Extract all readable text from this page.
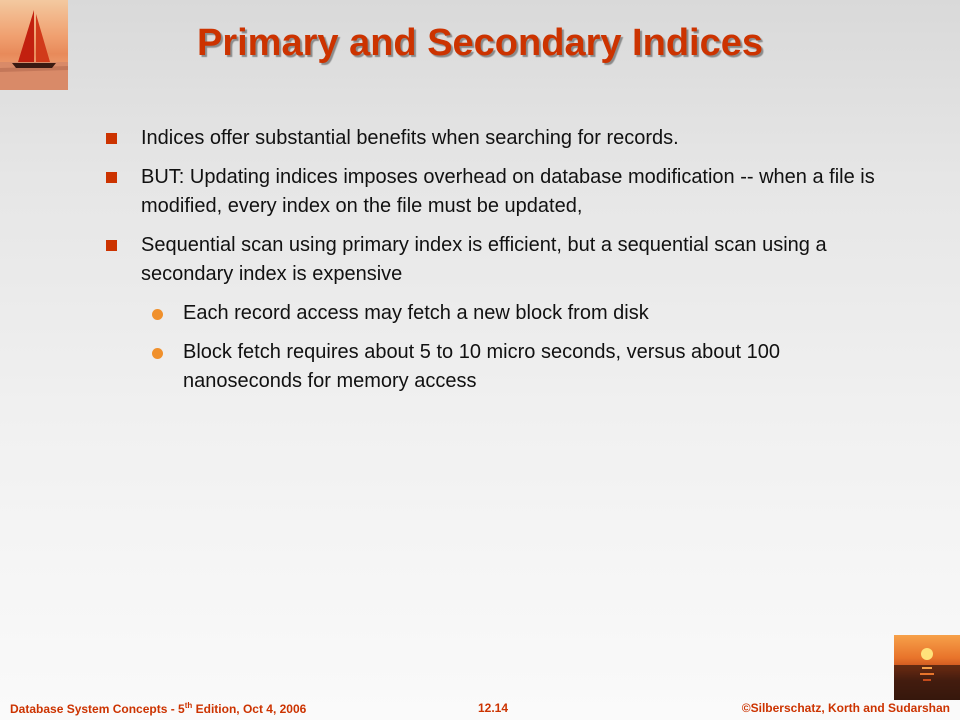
Primary and Secondary Indices
Indices offer substantial benefits when searching for records.
BUT: Updating indices imposes overhead on database modification -- when a file is modified, every index on the file must be updated,
Sequential scan using primary index is efficient, but a sequential scan using a secondary index is expensive
Each record access may fetch a new block from disk
Block fetch requires about 5 to 10 micro seconds, versus about 100 nanoseconds for memory access
Database System Concepts - 5th Edition, Oct 4, 2006	12.14	©Silberschatz, Korth and Sudarshan
